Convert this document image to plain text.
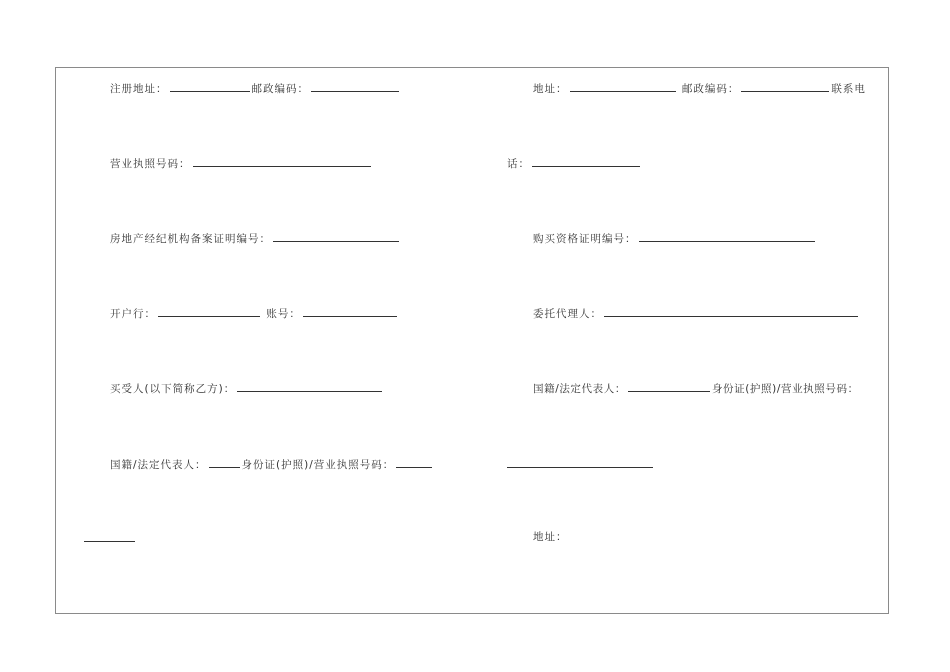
注册地址：	邮政编码：	地址：	邮政编码：	联系电
营业执照号码：	话：
房地产经纪机构备案证明编号：	购买资格证明编号：
开户行：	账号：	委托代理人：
买受人(以下简称乙方)：	国籍/法定代表人：	身份证(护照)/营业执照号码：
国籍/法定代表人：	身份证(护照)/营业执照号码：
地址：
